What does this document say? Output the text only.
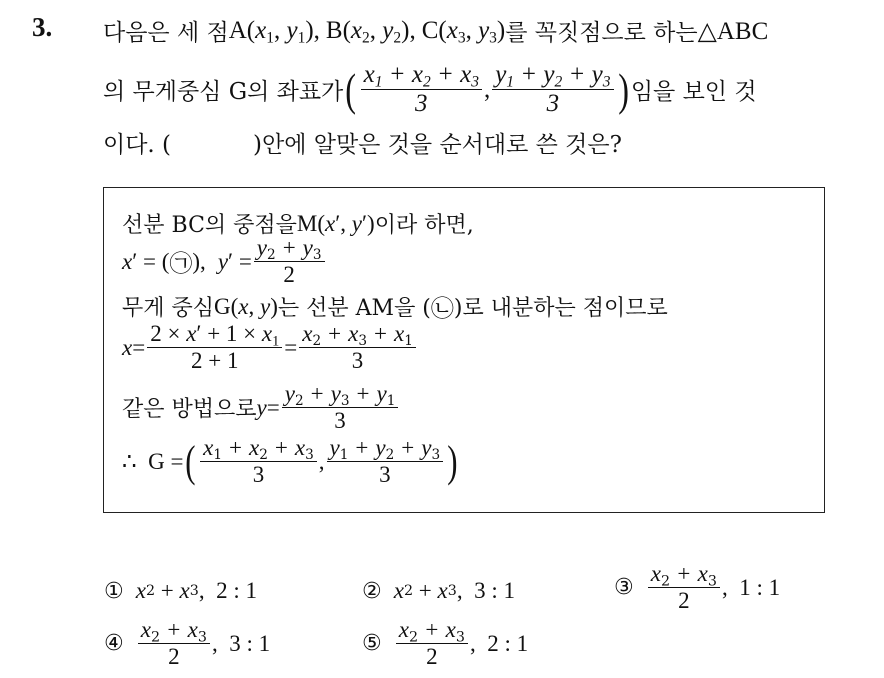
3. 다음은 세 점 $A(x_1$, $y_1$), $B(x_2$, $y_2$), $C(x_3$, $y_3$) 를 꼭짓점으로 하는 △ABC
의 무게중심 G의 좌표가 ( $\frac{x_1 + x_2 + x_3}{3}$ , $\frac{y_1 + y_2 + y_3}{3}$ ) 임을 보인 것
이다. (	)안에 알맞은 것을 순서대로 쓴 것은?
선분 BC의 중점을 M(x′, y′) 이라 하면,
x ′ = ( ㉠ ), y ′ = $\frac{y_2 + y_3}{2}$
무게 중심 G(x, y) 는 선분 AM을 ( ㉡ )로 내분하는 점이므로
$x = \frac{2 \times x' + 1 \times x_1}{2 + 1} = \frac{x_2 + x_3 + x_1}{3}$
같은 방법으로 $y = \frac{y_2 + y_3 + y_1}{3}$
∴ G = ( $\frac{x_1 + x_2 + x_3}{3}$ , $\frac{y_1 + y_2 + y_3}{3}$ )
① x 2 + x 3 ,  2 : 1	② x 2 + x 3 ,  3 : 1	③ $\frac{x_2 + x_3}{2}$ ,  1 : 1
④ $\frac{x_2 + x_3}{2}$ ,  3 : 1	⑤ $\frac{x_2 + x_3}{2}$ ,  2 : 1
